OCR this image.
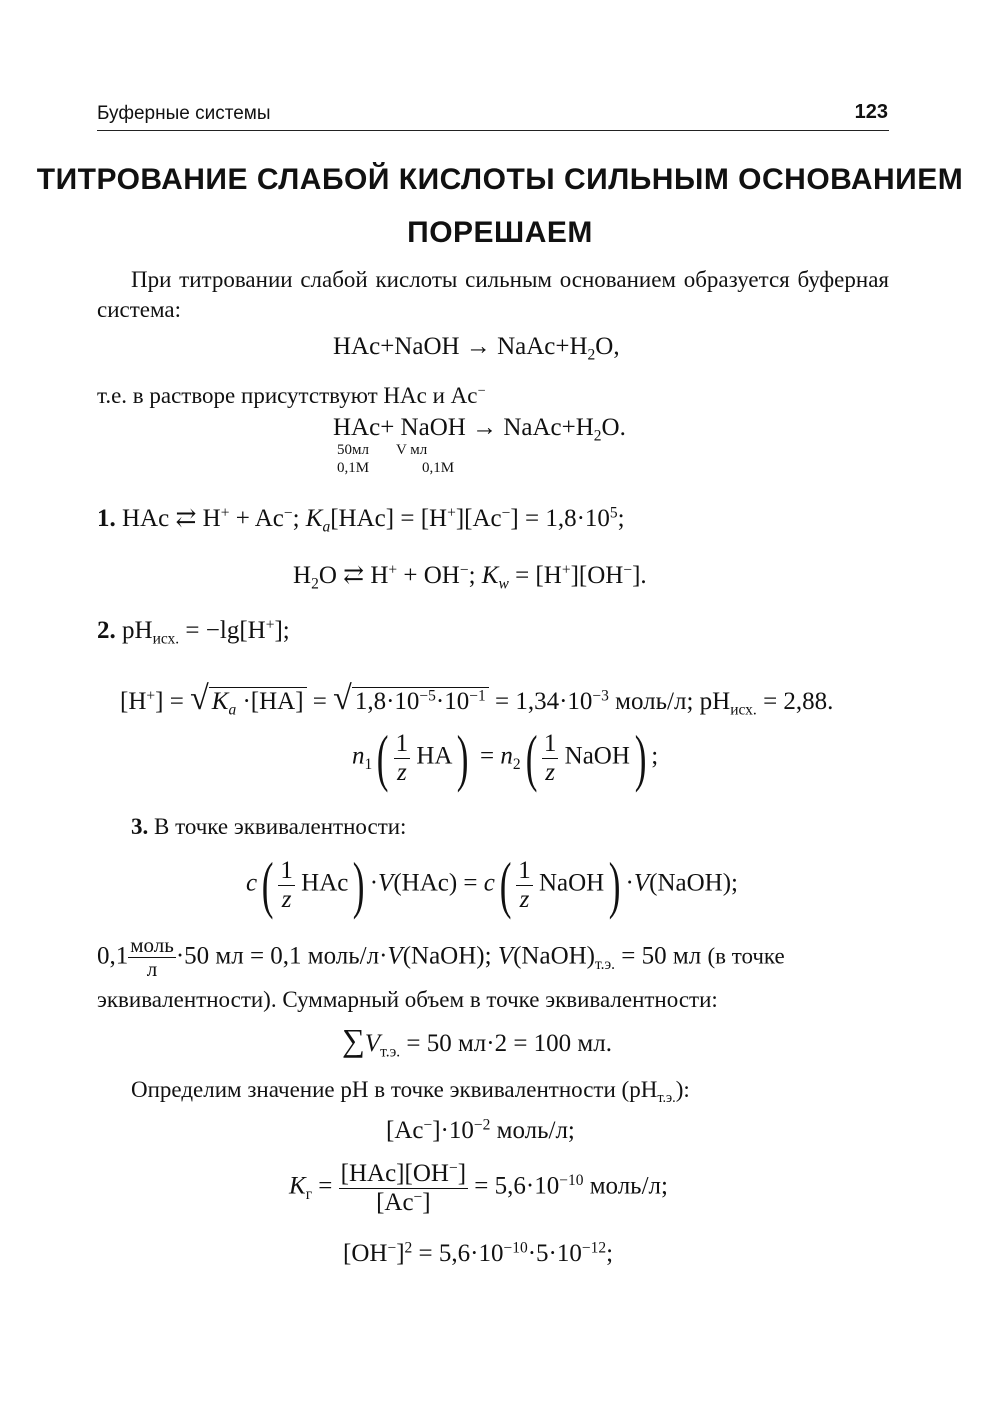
Буферные системы	123
ТИТРОВАНИЕ СЛАБОЙ КИСЛОТЫ СИЛЬНЫМ ОСНОВАНИЕМ
ПОРЕШАЕМ
При титровании слабой кислоты сильным основанием образуется буферная система:
HAc+NaOH → $NaAc+H_2O$,
т.е. в растворе присутствуют HAc и Ac−
HAc+ NaOH → $NaAc+H_2O$.
50мл V мл
0,1M	0,1M
1. HAc ⇄ H+ + Ac−; $K_a[HAc] = [H^+][Ac^-] = 1,8\cdot 10^5$;
$H_2O$ ⇄ H+ + OH−; $K_w = [H^+][OH^-]$.
2. $pH_{исх.} = -\lg[H^+]$;
[H+] = √ $K_a \cdot[HA]$ = √ $1,8\cdot 10^{-5}\cdot 10^{-1} = 1,34\cdot 10^{-3}$ моль/л; $pH_{исх.} = 2,88$.
$n_1( \frac{1}{z} HA) = n_2( \frac{1}{z}$ NaOH) ;
3. В точке эквивалентности:
$c( \frac{1}{z} HAc) \cdot V(HAc) = c( \frac{1}{z}$ NaOH) ·V(NaOH);
$0,1 \frac{\text{моль}}{л} \cdot 50$ мл = 0,1 моль/л·V(NaOH); $V(NaOH)_{т.э.} = 50$ мл (в точке
эквивалентности). Суммарный объем в точке эквивалентности:
$\sum V_{т.э.} = 50$ мл·2 = 100 мл.
Определим значение pH в точке эквивалентности $(pH_{т.э.})$:
$[Ac^-]\cdot 10^{-2}$ моль/л;
$K_г = \frac{[HAc][OH^-]}{[Ac^-]} = 5,6\cdot 10^{-10}$ моль/л;
$[OH^-]^2 = 5,6\cdot 10^{-10}\cdot 5\cdot 10^{-12}$;
